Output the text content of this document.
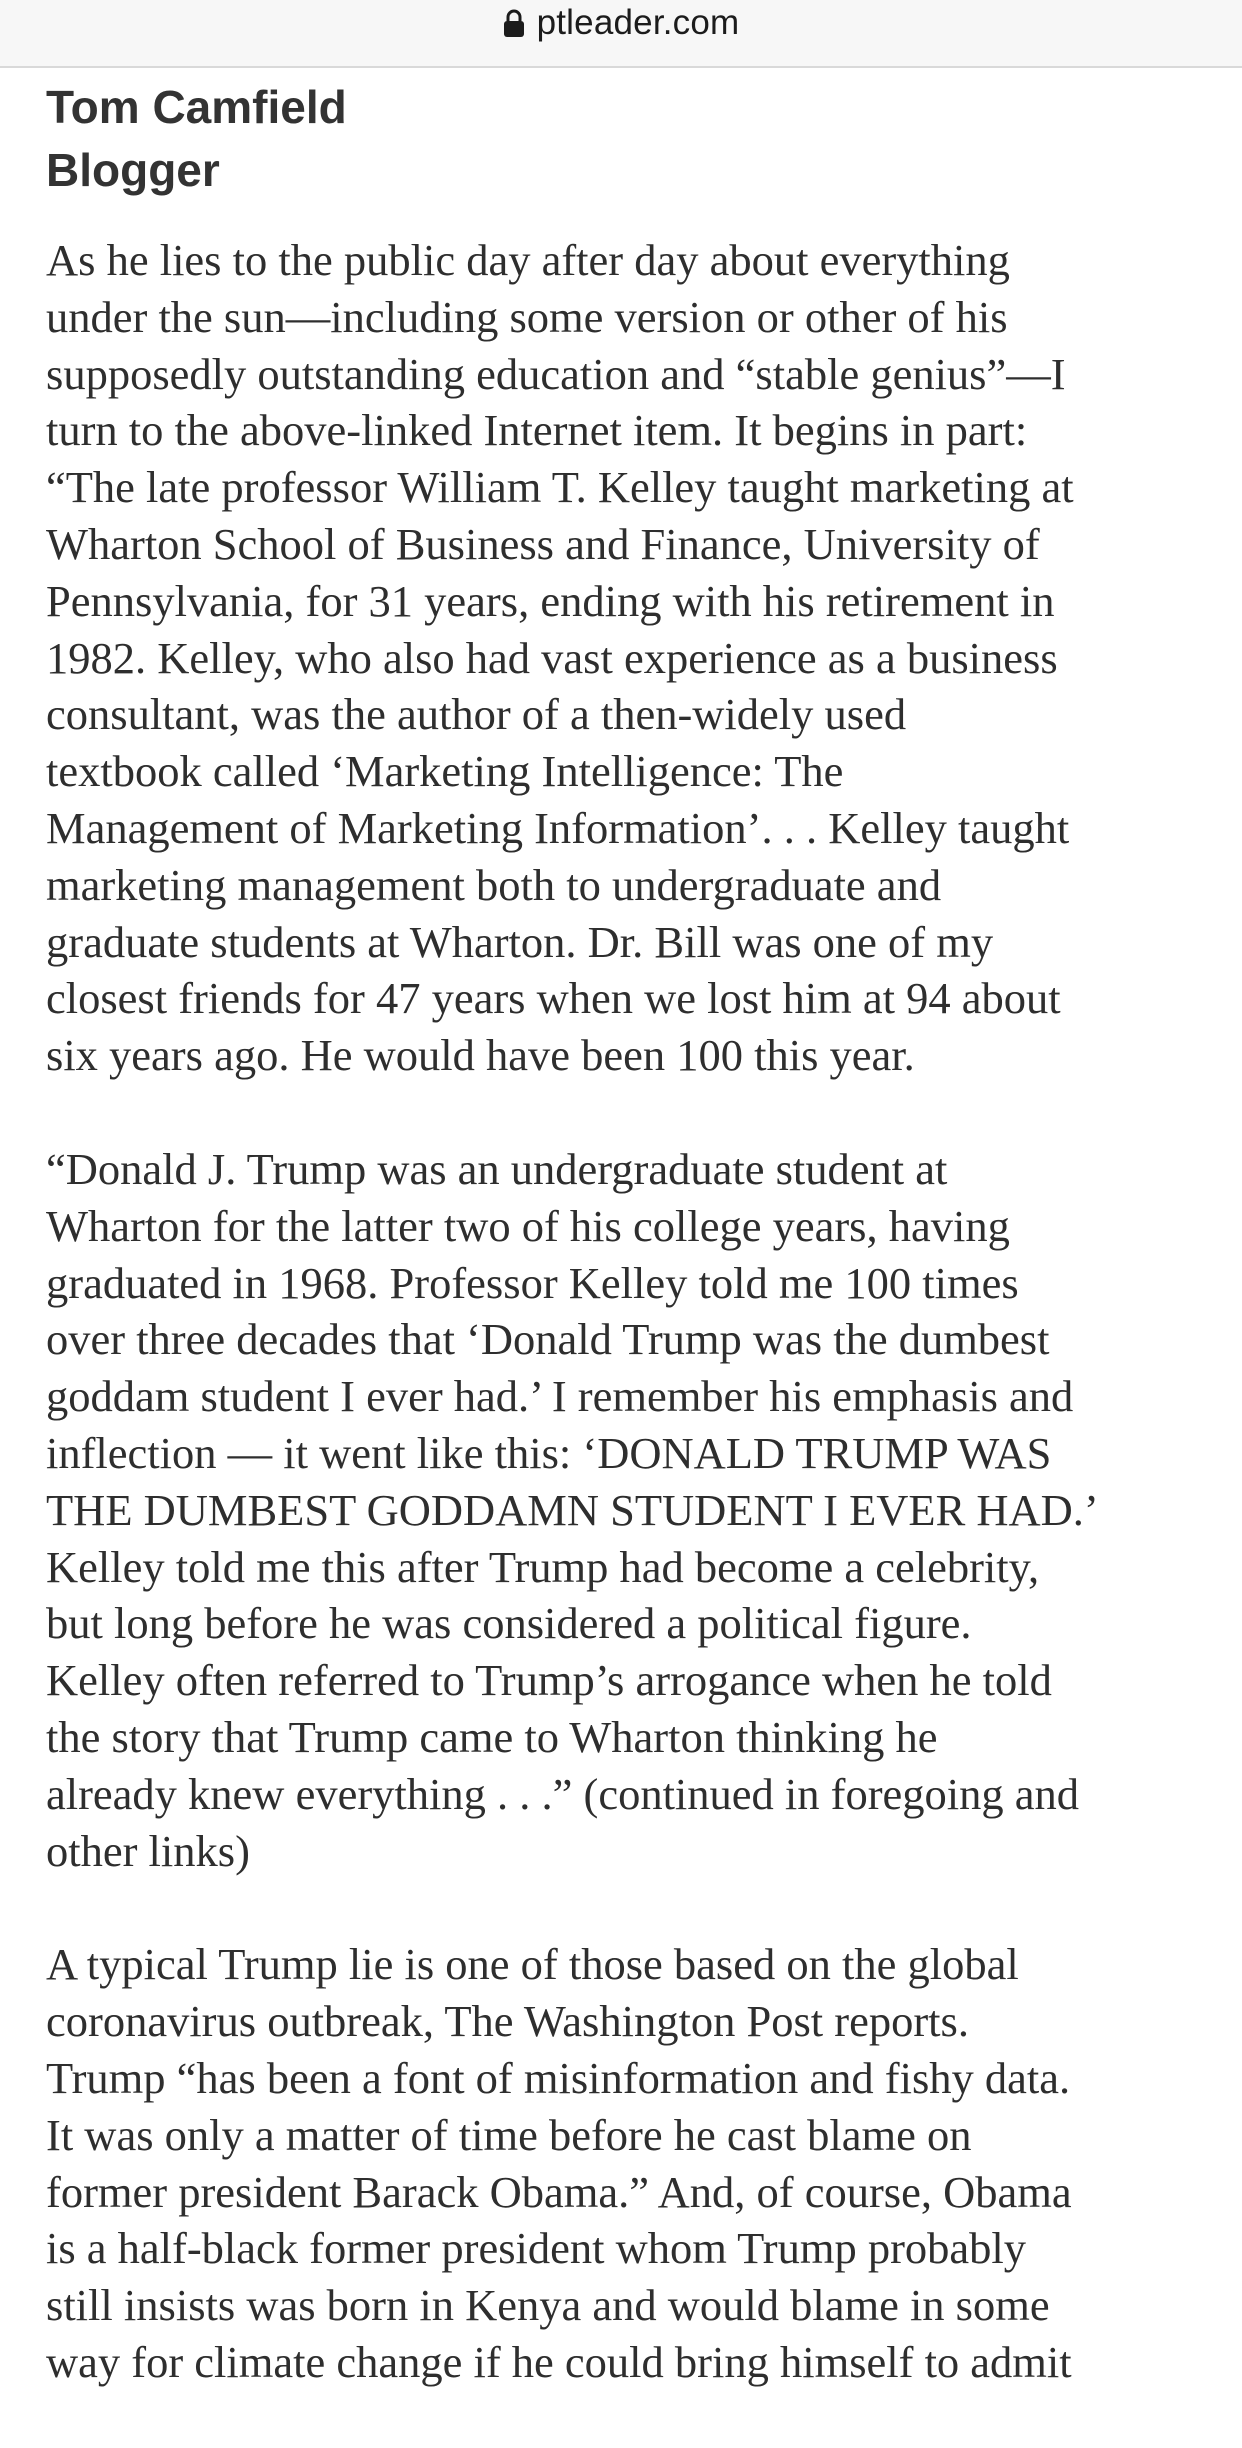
ptleader.com

Tom Camfield

Blogger

As he lies to the public day after day about everything
under the sun—including some version or other of his
supposedly outstanding education and “stable genius”—I
turn to the above-linked Internet item. It begins in part:
“The late professor William T. Kelley taught marketing at
Wharton School of Business and Finance, University of
Pennsylvania, for 31 years, ending with his retirement in
1982. Kelley, who also had vast experience as a business
consultant, was the author of a then-widely used
textbook called ‘Marketing Intelligence: The
Management of Marketing Information’. . . Kelley taught
marketing management both to undergraduate and
graduate students at Wharton. Dr. Bill was one of my
closest friends for 47 years when we lost him at 94 about
six years ago. He would have been 100 this year.

“Donald J. Trump was an undergraduate student at
Wharton for the latter two of his college years, having
graduated in 1968. Professor Kelley told me 100 times
over three decades that ‘Donald Trump was the dumbest
goddam student I ever had.’ I remember his emphasis and
inflection — it went like this: ‘DONALD TRUMP WAS
THE DUMBEST GODDAMN STUDENT I EVER HAD.’
Kelley told me this after Trump had become a celebrity,
but long before he was considered a political figure.
Kelley often referred to Trump’s arrogance when he told
the story that Trump came to Wharton thinking he
already knew everything . . .” (continued in foregoing and
other links)

A typical Trump lie is one of those based on the global
coronavirus outbreak, The Washington Post reports.
Trump “has been a font of misinformation and fishy data.
It was only a matter of time before he cast blame on
former president Barack Obama.” And, of course, Obama
is a half-black former president whom Trump probably
still insists was born in Kenya and would blame in some
way for climate change if he could bring himself to admit
